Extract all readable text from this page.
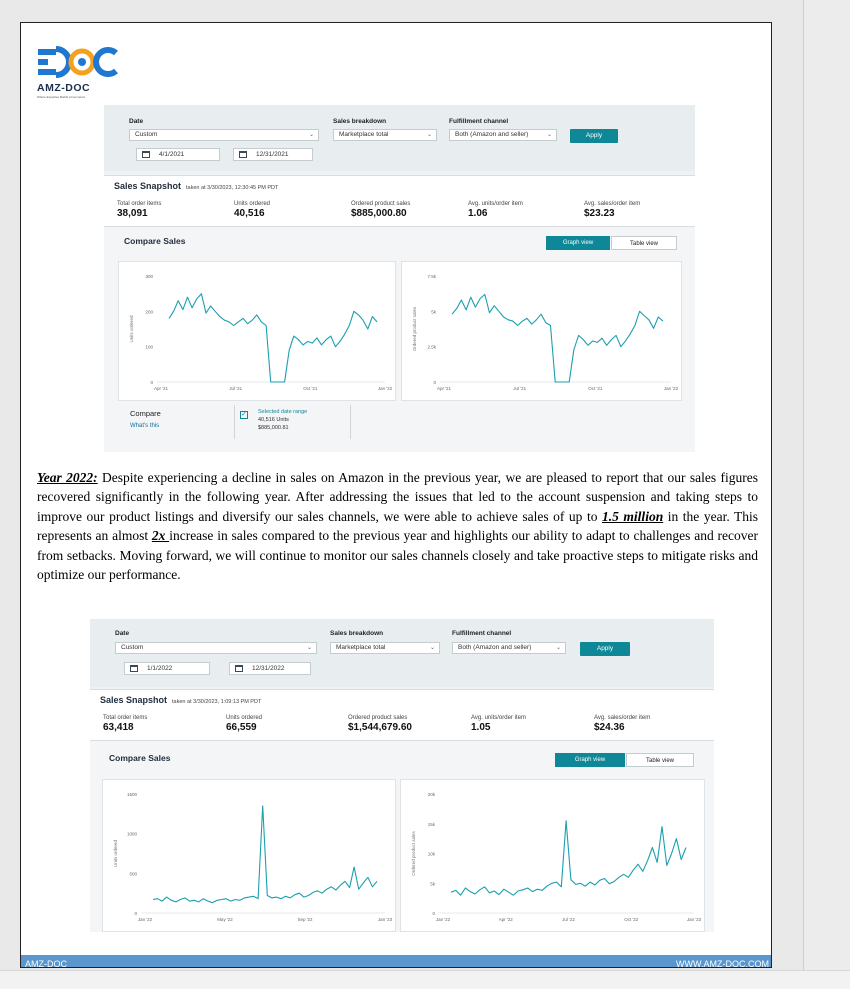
AMZ-DOC
Where Expertise Builds eCommerce
Date
Custom	⌄
Sales breakdown
Marketplace total	⌄
Fulfillment channel
Both (Amazon and seller)	⌄	Apply
4/1/2021	12/31/2021
Sales Snapshot taken at 3/30/2023, 12:30:45 PM PDT
Total order items
38,091
Units ordered
40,516
Ordered product sales
$885,000.80
Avg. units/order item
1.06
Avg. sales/order item
$23.23
Compare Sales	Graph view	Table view
0
100
200
300
Apr '21	Jul '21	Oct '21	Jan '22
Units ordered
0
2.5k
5k
7.5k
Apr '21	Jul '21	Oct '21	Jan '22
Ordered product sales
Compare
What's this
✓ Selected date range
40,516 Units
$885,000.81
Year 2022: Despite experiencing a decline in sales on Amazon in the previous year, we are pleased to report that our sales figures recovered significantly in the following year. After addressing the issues that led to the account suspension and taking steps to improve our product listings and diversify our sales channels, we were able to achieve sales of up to 1.5 million in the year. This represents an almost 2x increase in sales compared to the previous year and highlights our ability to adapt to challenges and recover from setbacks. Moving forward, we will continue to monitor our sales channels closely and take proactive steps to mitigate risks and optimize our performance.
Date
Custom	⌄
Sales breakdown
Marketplace total	⌄
Fulfillment channel
Both (Amazon and seller)	⌄	Apply
1/1/2022	12/31/2022
Sales Snapshot taken at 3/30/2023, 1:09:13 PM PDT
Total order items
63,418
Units ordered
66,559
Ordered product sales
$1,544,679.60
Avg. units/order item
1.05
Avg. sales/order item
$24.36
Compare Sales	Graph view	Table view
0
500
1000
1500
Jan '22	May '22	Sep '22	Jan '23
Units ordered
0
5k
10k
15k
20k
Jan '22	Apr '22	Jul '22	Oct '22	Jan '23
Ordered product sales
AMZ-DOC	WWW.AMZ-DOC.COM
